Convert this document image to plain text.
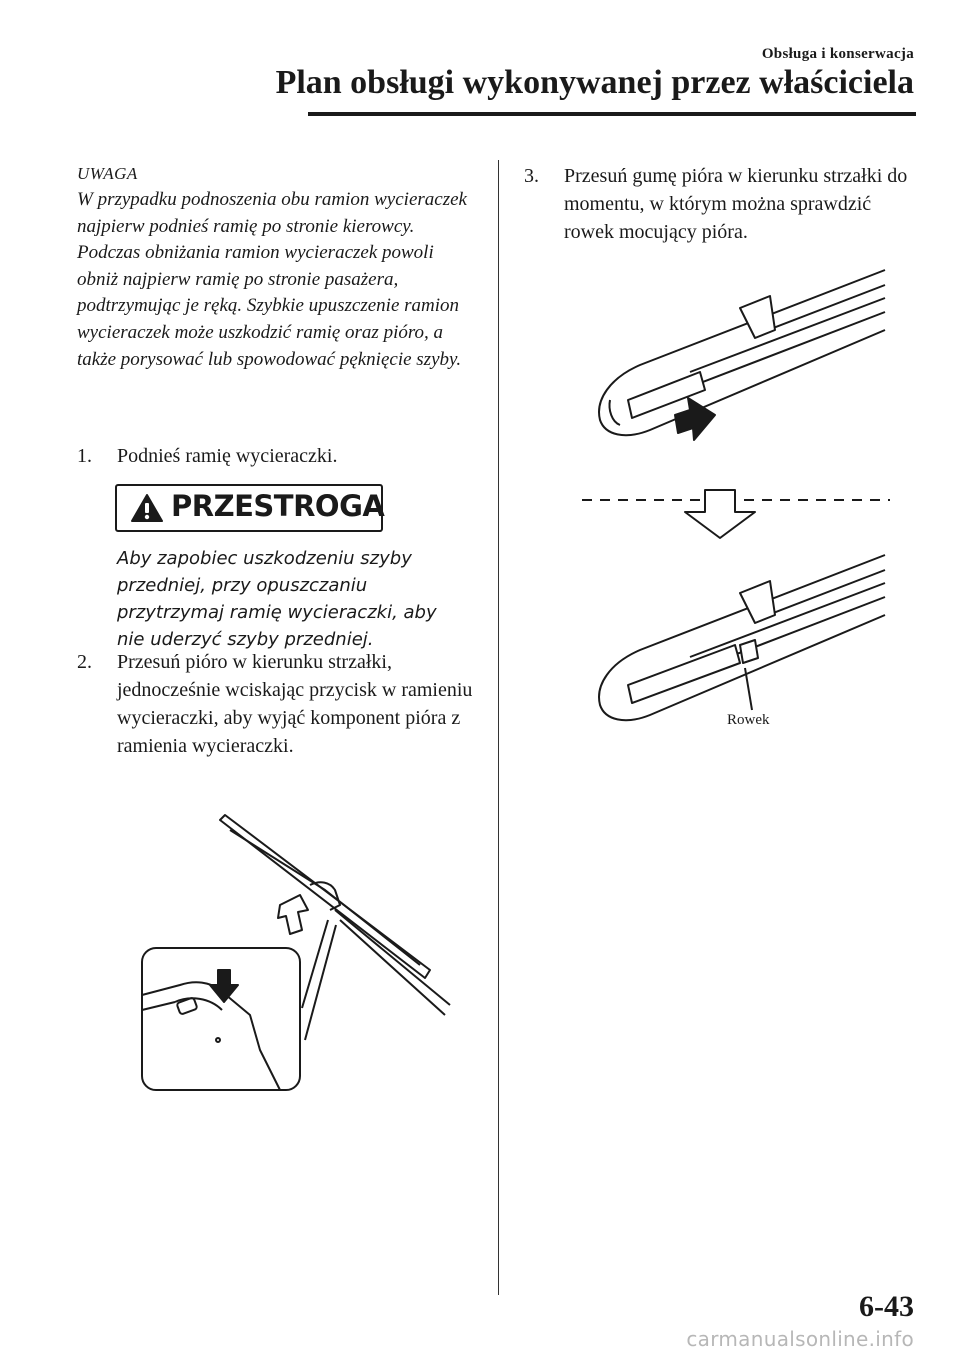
Obsługa i konserwacja
Plan obsługi wykonywanej przez właściciela
UWAGA

W przypadku podnoszenia obu ramion wycieraczek najpierw podnieś ramię po stronie kierowcy. Podczas obniżania ramion wycieraczek powoli obniż najpierw ramię po stronie pasażera, podtrzymując je ręką. Szybkie upuszczenie ramion wycieraczek może uszkodzić ramię oraz pióro, a także porysować lub spowodować pęknięcie szyby.

1.	Podnieś ramię wycieraczki.
PRZESTROGA

Aby zapobiec uszkodzeniu szyby przedniej, przy opuszczaniu przytrzymaj ramię wycieraczki, aby nie uderzyć szyby przedniej.

2.	Przesuń pióro w kierunku strzałki, jednocześnie wciskając przycisk w ramieniu wycieraczki, aby wyjąć komponent pióra z ramienia wycieraczki.
3.	Przesuń gumę pióra w kierunku strzałki do momentu, w którym można sprawdzić rowek mocujący pióra.
Rowek
6-43
carmanualsonline.info
